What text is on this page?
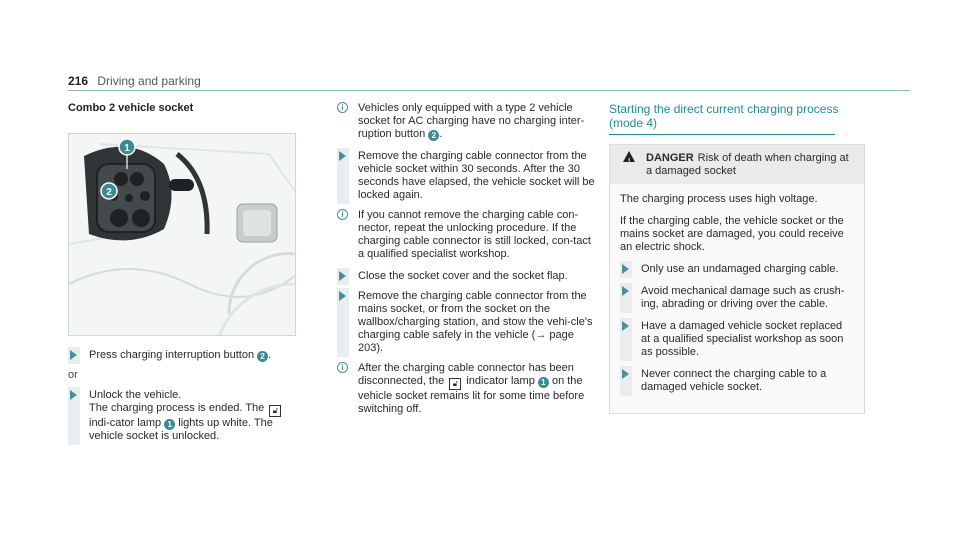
216 Driving and parking
Combo 2 vehicle socket
1
2
Press charging interruption button 2 .
or
Unlock the vehicle.
The charging process is ended. The 🔓︎ indi-cator lamp 1 lights up white. The vehicle socket is unlocked.
i	Vehicles only equipped with a type 2 vehicle socket for AC charging have no charging inter-ruption button 2 .
Remove the charging cable connector from the vehicle socket within 30 seconds. After the 30 seconds have elapsed, the vehicle socket will be locked again.
i	If you cannot remove the charging cable con-nector, repeat the unlocking procedure. If the charging cable connector is still locked, con-tact a qualified specialist workshop.
Close the socket cover and the socket flap.
Remove the charging cable connector from the mains socket, or from the socket on the wallbox/charging station, and stow the vehi-cle's charging cable safely in the vehicle (→ page 203).
i	After the charging cable connector has been disconnected, the 🔓︎ indicator lamp 1 on the vehicle socket remains lit for some time before switching off.
Starting the direct current charging process
(mode 4)
! DANGER Risk of death when charging at a damaged socket

The charging process uses high voltage.

If the charging cable, the vehicle socket or the mains socket are damaged, you could receive an electric shock.

Only use an undamaged charging cable.
Avoid mechanical damage such as crush-ing, abrading or driving over the cable.
Have a damaged vehicle socket replaced at a qualified specialist workshop as soon as possible.
Never connect the charging cable to a damaged vehicle socket.
